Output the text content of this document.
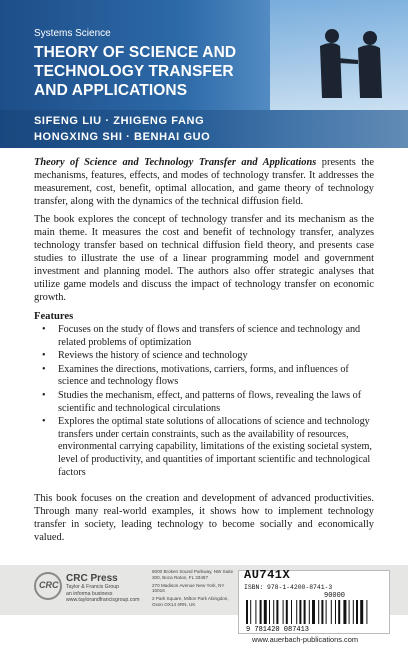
Systems Science
THEORY OF SCIENCE AND TECHNOLOGY TRANSFER AND APPLICATIONS
SIFENG LIU · ZHIGENG FANG
HONGXING SHI · BENHAI GUO

Theory of Science and Technology Transfer and Applications presents the mechanisms, features, effects, and modes of technology transfer. It addresses the measurement, cost, benefit, optimal allocation, and game theory of technology transfer, along with the dynamics of the technical diffusion field.

The book explores the concept of technology transfer and its mechanism as the main theme. It measures the cost and benefit of technology transfer, analyzes technology transfer based on technical diffusion field theory, and presents case studies to illustrate the use of a linear programming model and government investment and planning model. The authors also offer strategic analyses that utilize game models and discuss the impact of technology transfer on economic growth.

Features
• Focuses on the study of flows and transfers of science and technology and related problems of optimization
• Reviews the history of science and technology
• Examines the directions, motivations, carriers, forms, and influences of science and technology flows
• Studies the mechanism, effect, and patterns of flows, revealing the laws of scientific and technological circulations
• Explores the optimal state solutions of allocations of science and technology transfers under certain constraints, such as the availability of resources, environmental carrying capability, limitations of the existing societal system, level of productivity, and quantities of important scientific and technological factors

This book focuses on the creation and development of advanced productivities. Through many real-world examples, it shows how to implement technology transfer in society, leading technology to become socially and economically valued.

CRC
CRC Press
Taylor & Francis Group
an informa business
www.taylorandfrancisgroup.com
6000 Broken Sound Parkway, NW Suite 300, Boca Raton, FL 33487
270 Madison Avenue New York, NY 10016
2 Park Square, Milton Park Abingdon, Oxon OX14 4RN, UK
AU741X
ISBN: 978-1-4200-8741-3
90000
9 781420 087413
www.auerbach-publications.com
